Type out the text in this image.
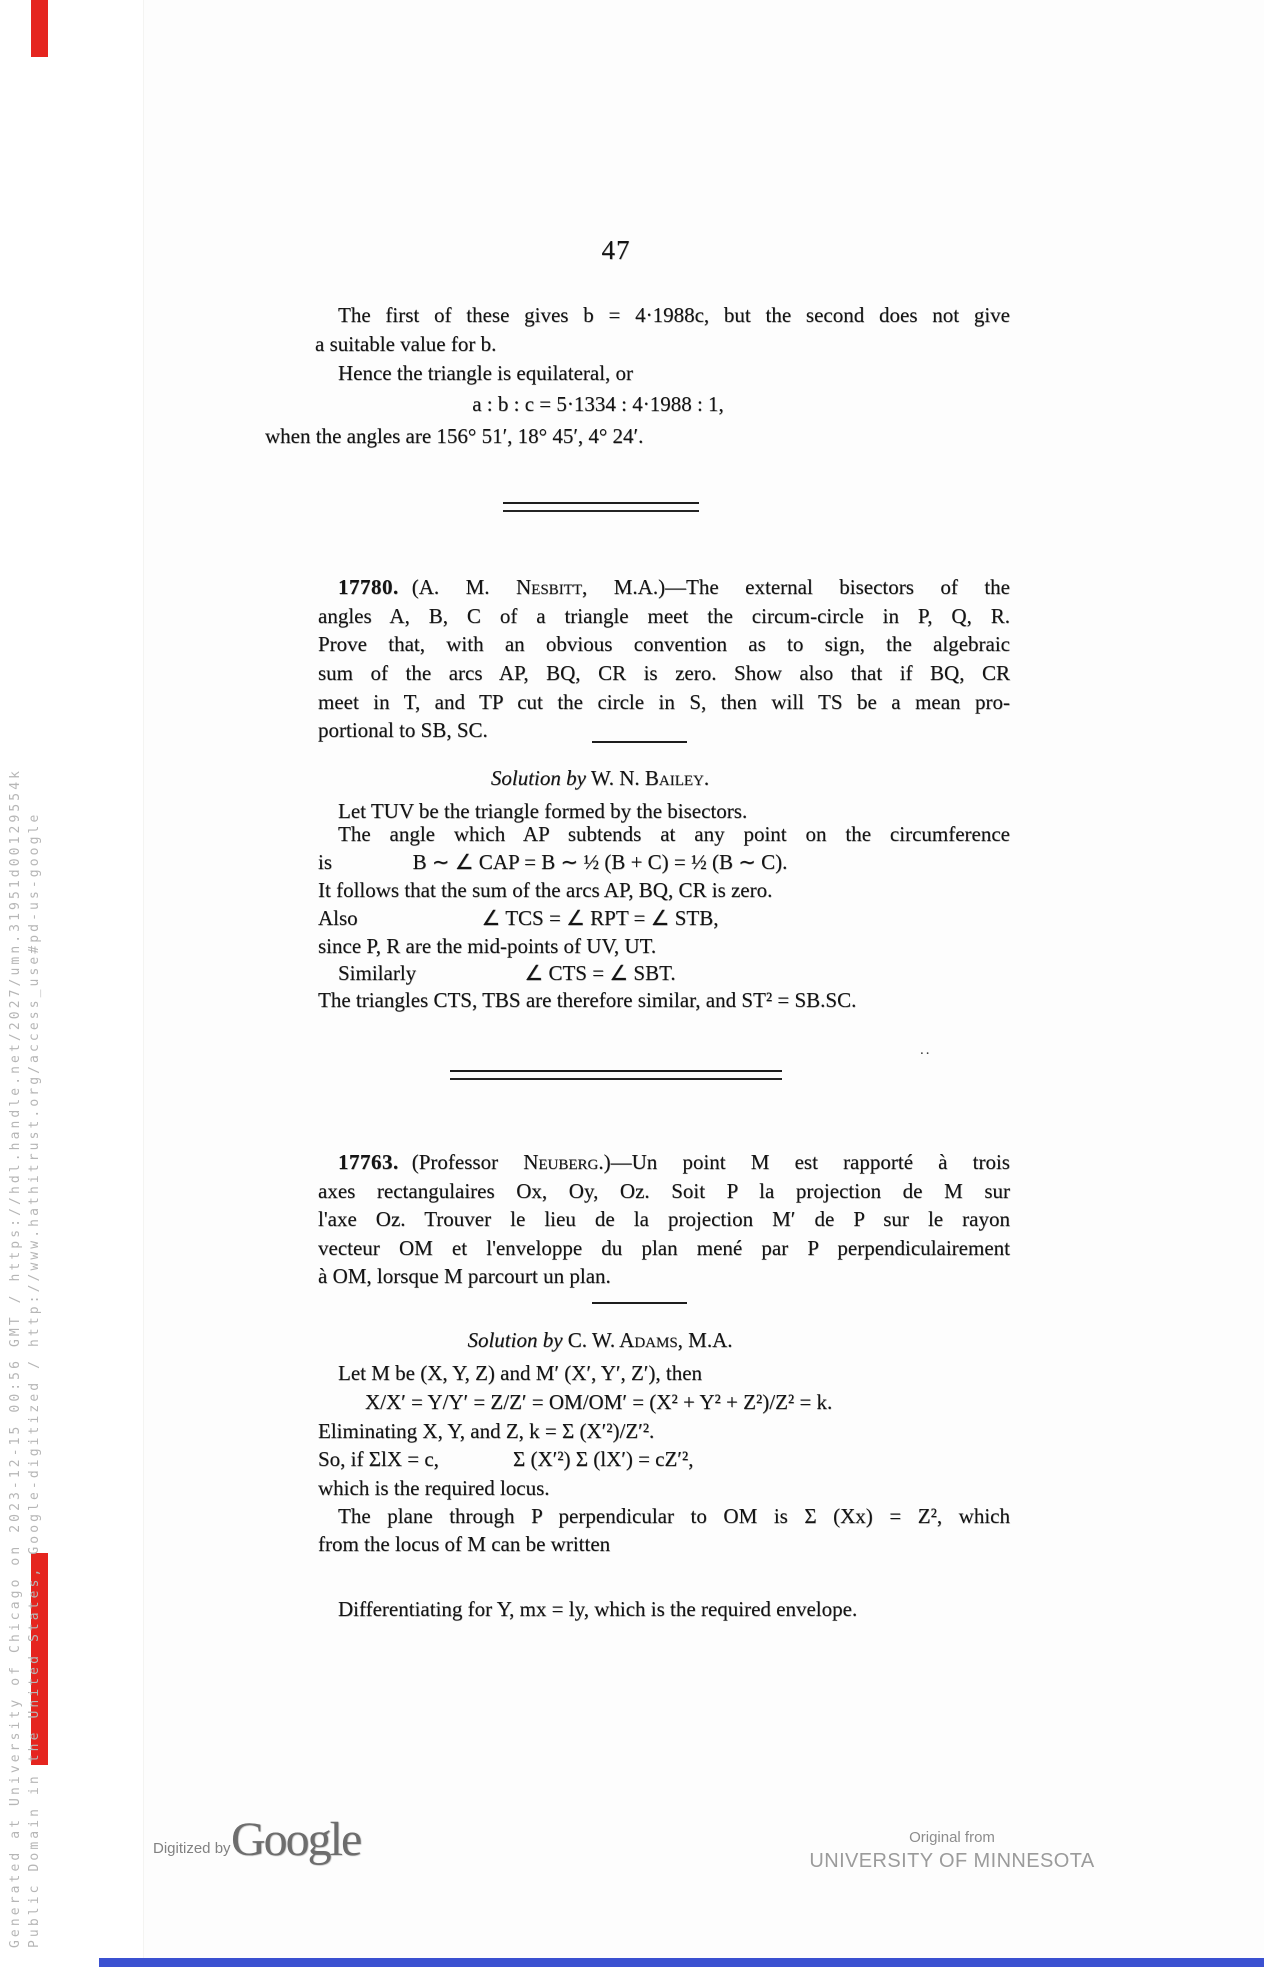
Generated at University of Chicago on 2023-12-15 00:56 GMT / https://hdl.handle.net/2027/umn.31951d00129554k Public Domain in the United States, Google-digitized / http://www.hathitrust.org/access_use#pd-us-google
47
The first of these gives b = 4·1988c, but the second does not give
a suitable value for b.
Hence the triangle is equilateral, or
a : b : c = 5·1334 : 4·1988 : 1,
when the angles are 156° 51′, 18° 45′, 4° 24′.
17780. (A. M. Nesbitt, M.A.)—The external bisectors of the
angles A, B, C of a triangle meet the circum-circle in P, Q, R.
Prove that, with an obvious convention as to sign, the algebraic
sum of the arcs AP, BQ, CR is zero. Show also that if BQ, CR
meet in T, and TP cut the circle in S, then will TS be a mean pro-
portional to SB, SC.
Solution by W. N. Bailey.
Let TUV be the triangle formed by the bisectors.
The angle which AP subtends at any point on the circumference
is	B ∼ ∠ CAP = B ∼ ½ (B + C) = ½ (B ∼ C).
It follows that the sum of the arcs AP, BQ, CR is zero.
Also	∠ TCS = ∠ RPT = ∠ STB,
since P, R are the mid-points of UV, UT.
Similarly	∠ CTS = ∠ SBT.
The triangles CTS, TBS are therefore similar, and ST² = SB.SC.
..
17763. (Professor Neuberg.)—Un point M est rapporté à trois
axes rectangulaires Ox, Oy, Oz. Soit P la projection de M sur
l'axe Oz. Trouver le lieu de la projection M′ de P sur le rayon
vecteur OM et l'enveloppe du plan mené par P perpendiculairement
à OM, lorsque M parcourt un plan.
Solution by C. W. Adams, M.A.
Let M be (X, Y, Z) and M′ (X′, Y′, Z′), then
X/X′ = Y/Y′ = Z/Z′ = OM/OM′ = (X² + Y² + Z²)/Z² = k.
Eliminating X, Y, and Z, k = Σ (X′²)/Z′².
So, if ΣlX = c,	Σ (X′²) Σ (lX′) = cZ′²,
which is the required locus.
The plane through P perpendicular to OM is Σ (Xx) = Z², which
from the locus of M can be written
Differentiating for Y, mx = ly, which is the required envelope.
Digitized by Google	Original from
UNIVERSITY OF MINNESOTA
